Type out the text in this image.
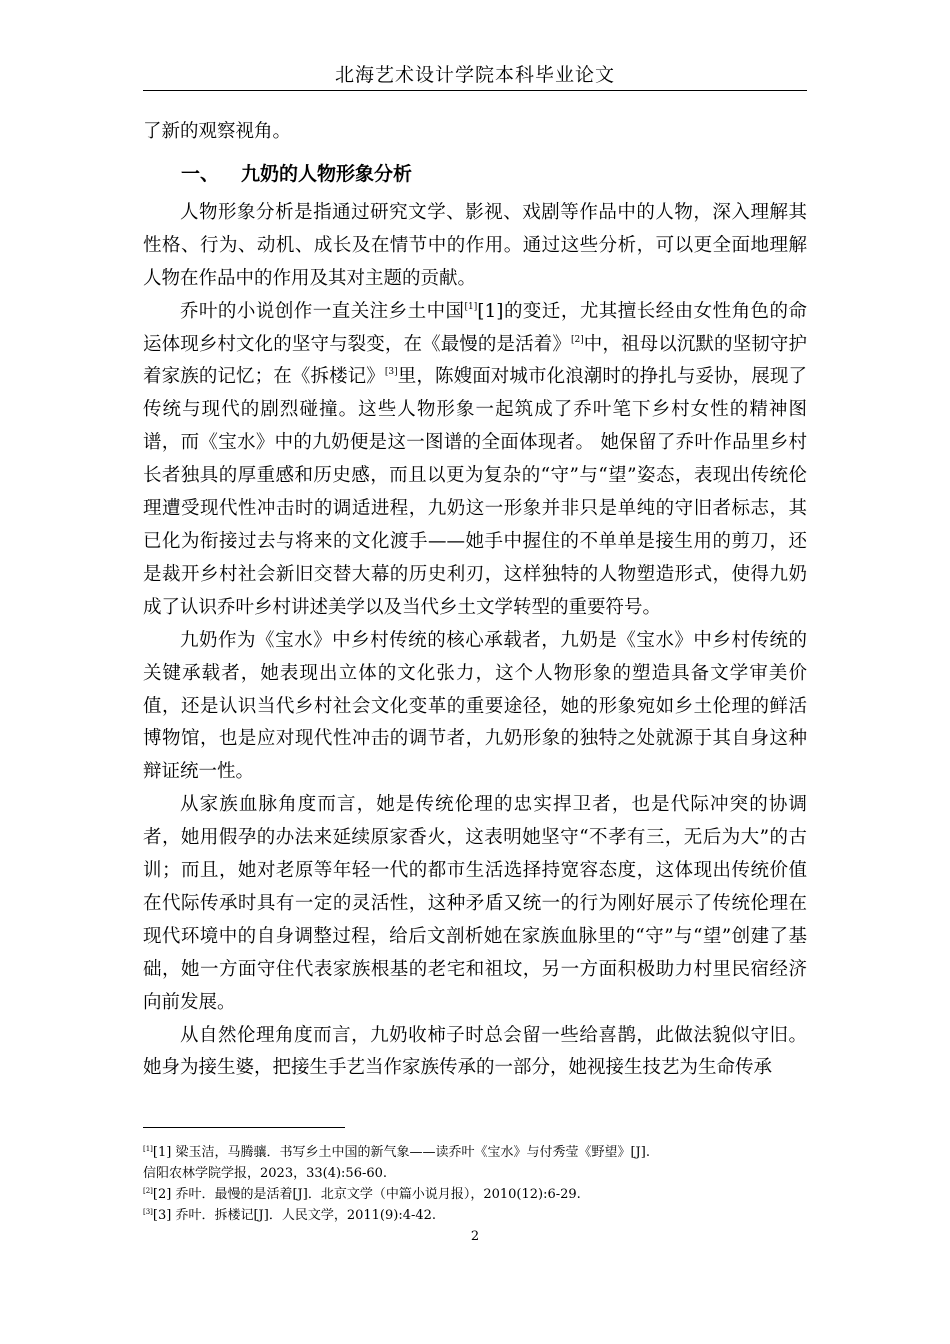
北海艺术设计学院本科毕业论文

了新的观察视角。

一、 九奶的人物形象分析

人物形象分析是指通过研究文学、影视、戏剧等作品中的人物，深入理解其性格、行为、动机、成长及在情节中的作用。通过这些分析，可以更全面地理解人物在作品中的作用及其对主题的贡献。

乔叶的小说创作一直关注乡土中国[1][1]的变迁，尤其擅长经由女性角色的命运体现乡村文化的坚守与裂变，在《最慢的是活着》[2]中，祖母以沉默的坚韧守护着家族的记忆；在《拆楼记》[3]里，陈嫂面对城市化浪潮时的挣扎与妥协，展现了传统与现代的剧烈碰撞。这些人物形象一起筑成了乔叶笔下乡村女性的精神图谱，而《宝水》中的九奶便是这一图谱的全面体现者。 她保留了乔叶作品里乡村长者独具的厚重感和历史感，而且以更为复杂的“守”与“望”姿态，表现出传统伦理遭受现代性冲击时的调适进程，九奶这一形象并非只是单纯的守旧者标志，其已化为衔接过去与将来的文化渡手——她手中握住的不单单是接生用的剪刀，还是裁开乡村社会新旧交替大幕的历史利刃，这样独特的人物塑造形式，使得九奶成了认识乔叶乡村讲述美学以及当代乡土文学转型的重要符号。

九奶作为《宝水》中乡村传统的核心承载者，九奶是《宝水》中乡村传统的关键承载者，她表现出立体的文化张力，这个人物形象的塑造具备文学审美价值，还是认识当代乡村社会文化变革的重要途径，她的形象宛如乡土伦理的鲜活博物馆，也是应对现代性冲击的调节者，九奶形象的独特之处就源于其自身这种辩证统一性。

从家族血脉角度而言，她是传统伦理的忠实捍卫者，也是代际冲突的协调者，她用假孕的办法来延续原家香火，这表明她坚守“不孝有三，无后为大”的古训；而且，她对老原等年轻一代的都市生活选择持宽容态度，这体现出传统价值在代际传承时具有一定的灵活性，这种矛盾又统一的行为刚好展示了传统伦理在现代环境中的自身调整过程，给后文剖析她在家族血脉里的“守”与“望”创建了基础，她一方面守住代表家族根基的老宅和祖坟，另一方面积极助力村里民宿经济向前发展。

从自然伦理角度而言，九奶收柿子时总会留一些给喜鹊，此做法貌似守旧。她身为接生婆，把接生手艺当作家族传承的一部分，她视接生技艺为生命传承

[1][1] 梁玉洁，马腾骧．书写乡土中国的新气象——读乔叶《宝水》与付秀莹《野望》[J].
信阳农林学院学报，2023，33(4):56-60.
[2][2] 乔叶．最慢的是活着[J]．北京文学（中篇小说月报），2010(12):6-29.
[3][3] 乔叶．拆楼记[J]．人民文学，2011(9):4-42.
2
